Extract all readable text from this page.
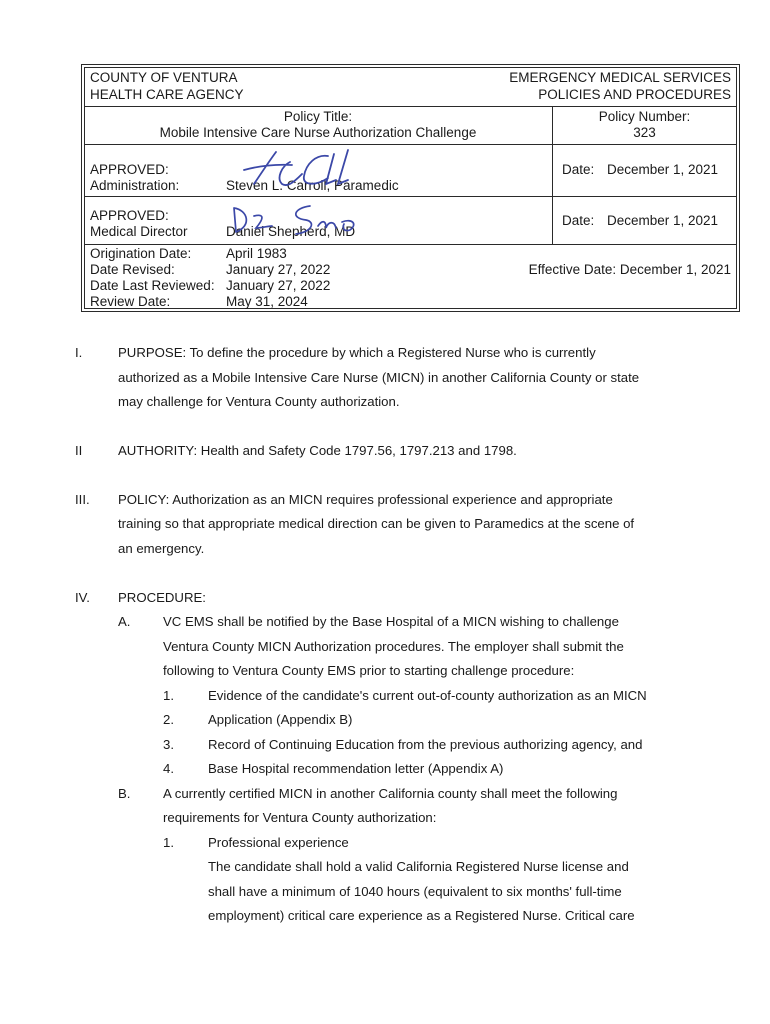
COUNTY OF VENTURA
HEALTH CARE AGENCY
EMERGENCY MEDICAL SERVICES
POLICIES AND PROCEDURES
Policy Title:
Mobile Intensive Care Nurse Authorization Challenge
Policy Number:
323
APPROVED:
Administration:	Steven L. Carroll, Paramedic
Date: December 1, 2021
APPROVED:
Medical Director	Daniel Shepherd, MD
Date: December 1, 2021
Origination Date:	April 1983
Date Revised:	January 27, 2022
Date Last Reviewed: January 27, 2022
Review Date:	May 31, 2024
Effective Date: December 1, 2021
I.	PURPOSE: To define the procedure by which a Registered Nurse who is currently
authorized as a Mobile Intensive Care Nurse (MICN) in another California County or state
may challenge for Ventura County authorization.
II	AUTHORITY: Health and Safety Code 1797.56, 1797.213 and 1798.
III. POLICY: Authorization as an MICN requires professional experience and appropriate
training so that appropriate medical direction can be given to Paramedics at the scene of
an emergency.
IV. PROCEDURE:
A. VC EMS shall be notified by the Base Hospital of a MICN wishing to challenge
Ventura County MICN Authorization procedures. The employer shall submit the
following to Ventura County EMS prior to starting challenge procedure:
1.	Evidence of the candidate's current out-of-county authorization as an MICN
2.	Application (Appendix B)
3.	Record of Continuing Education from the previous authorizing agency, and
4.	Base Hospital recommendation letter (Appendix A)
B. A currently certified MICN in another California county shall meet the following
requirements for Ventura County authorization:
1.	Professional experience
The candidate shall hold a valid California Registered Nurse license and
shall have a minimum of 1040 hours (equivalent to six months' full-time
employment) critical care experience as a Registered Nurse. Critical care
